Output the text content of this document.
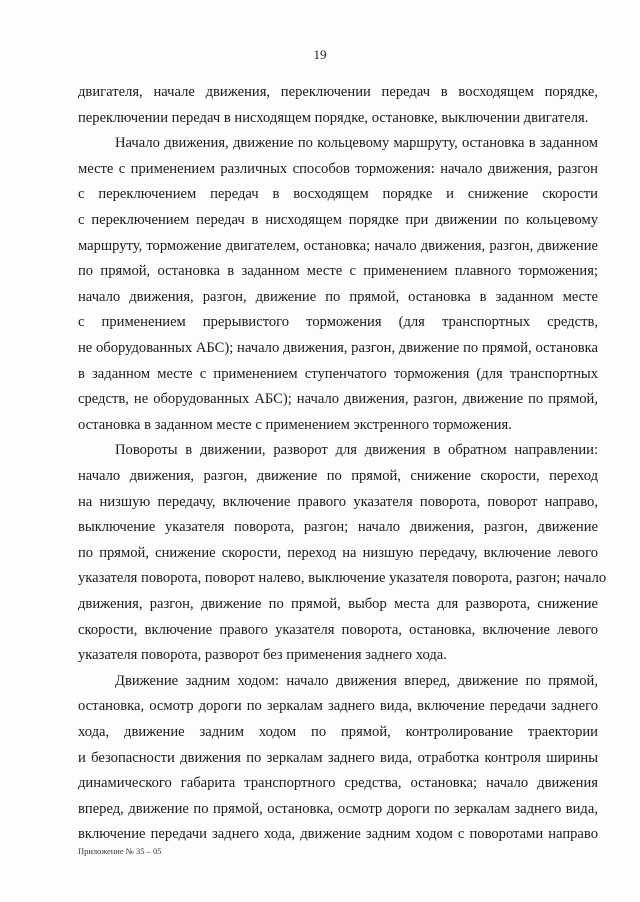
19
двигателя, начале движения, переключении передач в восходящем порядке,
переключении передач в нисходящем порядке, остановке, выключении двигателя.
Начало движения, движение по кольцевому маршруту, остановка в заданном
месте с применением различных способов торможения: начало движения, разгон
с переключением передач в восходящем порядке и снижение скорости
с переключением передач в нисходящем порядке при движении по кольцевому
маршруту, торможение двигателем, остановка; начало движения, разгон, движение
по прямой, остановка в заданном месте с применением плавного торможения;
начало движения, разгон, движение по прямой, остановка в заданном месте
с применением прерывистого торможения (для транспортных средств,
не оборудованных АБС); начало движения, разгон, движение по прямой, остановка
в заданном месте с применением ступенчатого торможения (для транспортных
средств, не оборудованных АБС); начало движения, разгон, движение по прямой,
остановка в заданном месте с применением экстренного торможения.
Повороты в движении, разворот для движения в обратном направлении:
начало движения, разгон, движение по прямой, снижение скорости, переход
на низшую передачу, включение правого указателя поворота, поворот направо,
выключение указателя поворота, разгон; начало движения, разгон, движение
по прямой, снижение скорости, переход на низшую передачу, включение левого
указателя поворота, поворот налево, выключение указателя поворота, разгон; начало
движения, разгон, движение по прямой, выбор места для разворота, снижение
скорости, включение правого указателя поворота, остановка, включение левого
указателя поворота, разворот без применения заднего хода.
Движение задним ходом: начало движения вперед, движение по прямой,
остановка, осмотр дороги по зеркалам заднего вида, включение передачи заднего
хода, движение задним ходом по прямой, контролирование траектории
и безопасности движения по зеркалам заднего вида, отработка контроля ширины
динамического габарита транспортного средства, остановка; начало движения
вперед, движение по прямой, остановка, осмотр дороги по зеркалам заднего вида,
включение передачи заднего хода, движение задним ходом с поворотами направо
Приложение № 35 – 05
